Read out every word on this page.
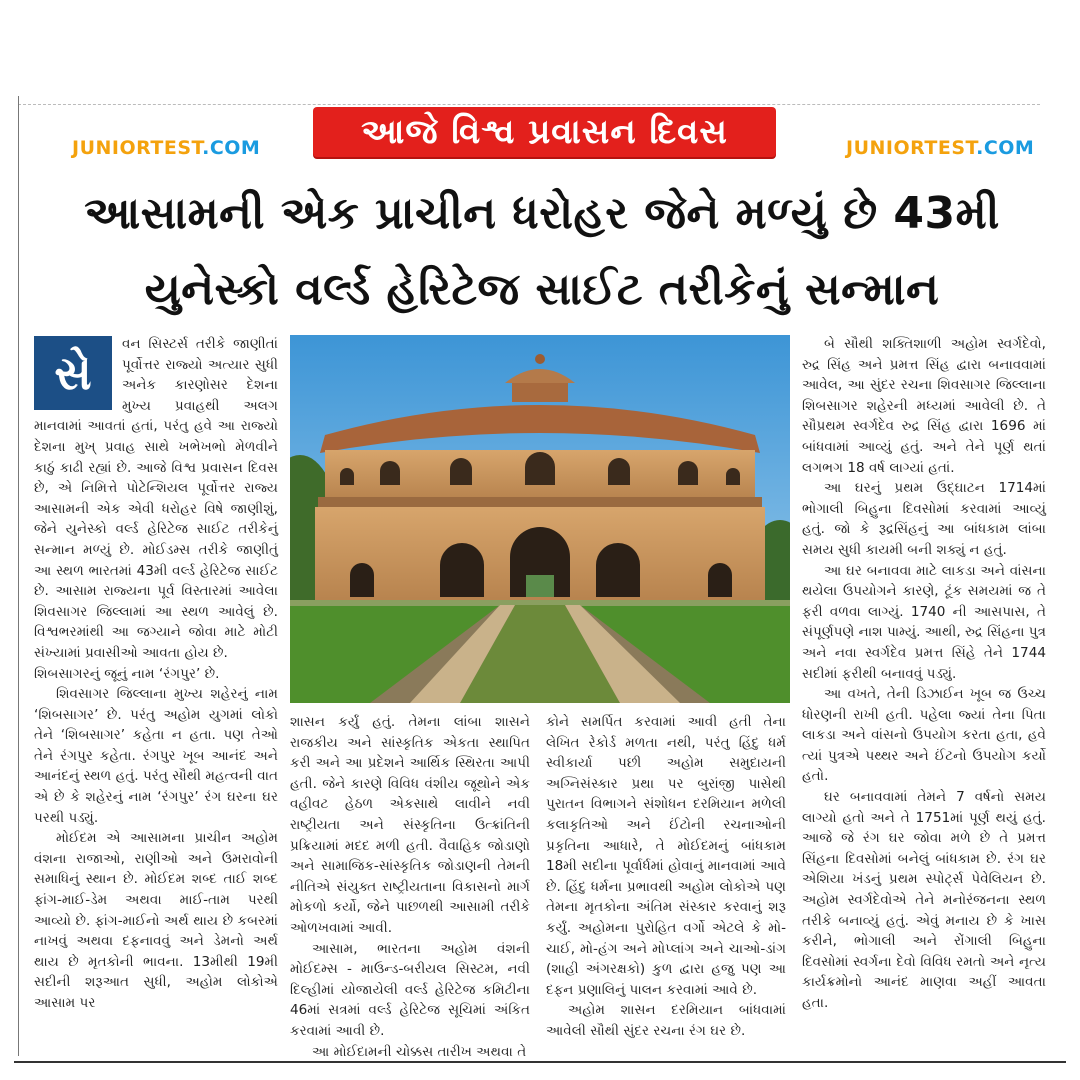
આજે વિશ્વ પ્રવાસન દિવસ
JUNIORTEST.COM	JUNIORTEST.COM
આસામની એક પ્રાચીન ધરોહર જેને મળ્યું છે 43મી
યુનેસ્કો વર્લ્ડ હેરિટેજ સાઈટ તરીકેનું સન્માન
સે

વન સિસ્ટર્સ તરીકે જાણીતાં પૂર્વોત્તર રાજ્યો અત્યાર સુધી અનેક કારણોસર દેશના મુખ્ય પ્રવાહથી અલગ માનવામાં આવતાં હતાં, પરંતુ હવે આ રાજ્યો દેશના મુખ્ પ્રવાહ સાથે ખભેખભો મેળવીને કાઠું કાઢી રહ્યાં છે. આજે વિશ્વ પ્રવાસન દિવસ છે, એ નિમિત્તે પોટેન્શિયલ પૂર્વોત્તર રાજ્ય આસામની એક એવી ધરોહર વિષે જાણીશું, જેને યુનેસ્કો વર્લ્ડ હેરિટેજ સાઈટ તરીકેનું સન્માન મળ્યું છે. મોઈડમ્સ તરીકે જાણીતું આ સ્થળ ભારતમાં 43મી વર્લ્ડ હેરિટેજ સાઈટ છે. આસામ રાજ્યના પૂર્વ વિસ્તારમાં આવેલા શિવસાગર જિલ્લામાં આ સ્થળ આવેલું છે. વિશ્વભરમાંથી આ જગ્યાને જોવા માટે મોટી સંખ્યામાં પ્રવાસીઓ આવતા હોય છે.

શિબસાગરનું જૂનું નામ ‘રંગપુર’ છે.

શિવસાગર જિલ્લાના મુખ્ય શહેરનું નામ ‘શિબસાગર’ છે. પરંતુ અહોમ યુગમાં લોકો તેને ‘શિબસાગર’ કહેતા ન હતા. પણ તેઓ તેને રંગપુર કહેતા. રંગપુર ખૂબ આનંદ અને આનંદનું સ્થળ હતું. પરંતુ સૌથી મહત્વની વાત એ છે કે શહેરનું નામ ‘રંગપુર’ રંગ ઘરના ઘર પરથી પડ્યું.

મોઈદમ એ આસામના પ્રાચીન અહોમ વંશના રાજાઓ, રાણીઓ અને ઉમરાવોની સમાધિનું સ્થાન છે. મોઈદમ શબ્દ તાઈ શબ્દ ફાંગ-માઈ-ડેમ અથવા માઈ-તામ પરથી આવ્યો છે. ફાંગ-માઈનો અર્થ થાય છે કબરમાં નાખવું અથવા દફનાવવું અને ડેમનો અર્થ થાય છે મૃતકોની ભાવના. 13મીથી 19મી સદીની શરૂઆત સુધી, અહોમ લોકોએ આસામ પર

શાસન કર્યું હતું. તેમના લાંબા શાસને રાજકીય અને સાંસ્કૃતિક એકતા સ્થાપિત કરી અને આ પ્રદેશને આર્થિક સ્થિરતા આપી હતી. જેને કારણે વિવિધ વંશીય જૂથોને એક વહીવટ હેઠળ એકસાથે લાવીને નવી રાષ્ટ્રીયતા અને સંસ્કૃતિના ઉત્ક્રાંતિની પ્રક્રિયામાં મદદ મળી હતી. વૈવાહિક જોડાણો અને સામાજિક-સાંસ્કૃતિક જોડાણની તેમની નીતિએ સંયુક્ત રાષ્ટ્રીયતાના વિકાસનો માર્ગ મોકળો કર્યો, જેને પાછળથી આસામી તરીકે ઓળખવામાં આવી.

આસામ, ભારતના અહોમ વંશની મોઈદમ્સ - માઉન્ડ-બરીયલ સિસ્ટમ, નવી દિલ્હીમાં યોજાયેલી વર્લ્ડ હેરિટેજ કમિટીના 46માં સત્રમાં વર્લ્ડ હેરિટેજ સૂચિમાં અંકિત કરવામાં આવી છે.

આ મોઈદામની ચોક્કસ તારીખ અથવા તે

કોને સમર્પિત કરવામાં આવી હતી તેના લેખિત રેકોર્ડ મળતા નથી, પરંતુ હિંદુ ધર્મ સ્વીકાર્યા પછી અહોમ સમુદાયની અગ્નિસંસ્કાર પ્રથા પર બુરાંજી પાસેથી પુરાતન વિભાગને સંશોધન દરમિયાન મળેલી કલાકૃતિઓ અને ઈંટોની રચનાઓની પ્રકૃતિના આધારે, તે મોઈદમનું બાંધકામ 18મી સદીના પૂર્વાર્ધમાં હોવાનું માનવામાં આવે છે. હિંદુ ધર્મના પ્રભાવથી અહોમ લોકોએ પણ તેમના મૃતકોના અંતિમ સંસ્કાર કરવાનું શરૂ કર્યું. અહોમના પુરોહિત વર્ગો એટલે કે મો-ચાઈ, મો-હંગ અને મોપ્લાંગ અને ચાઓ-ડાંગ (શાહી અંગરક્ષકો) કુળ દ્વારા હજુ પણ આ દફન પ્રણાલિનું પાલન કરવામાં આવે છે.

અહોમ શાસન દરમિયાન બાંધવામાં આવેલી સૌથી સુંદર રચના રંગ ઘર છે.

બે સૌથી શક્તિશાળી અહોમ સ્વર્ગદેવો, રુદ્ર સિંહ અને પ્રમત્ત સિંહ દ્વારા બનાવવામાં આવેલ, આ સુંદર રચના શિવસાગર જિલ્લાના શિબસાગર શહેરની મધ્યમાં આવેલી છે. તે સૌપ્રથમ સ્વર્ગદેવ રુદ્ર સિંહ દ્વારા 1696 માં બાંધવામાં આવ્યું હતું. અને તેને પૂર્ણ થતાં લગભગ 18 વર્ષ લાગ્યાં હતાં.

આ ઘરનું પ્રથમ ઉદ્ઘાટન 1714માં ભોગાલી બિહુના દિવસોમાં કરવામાં આવ્યું હતું. જો કે રૂદ્રસિંહનું આ બાંધકામ લાંબા સમય સુધી કાયમી બની શક્યું ન હતું.

આ ઘર બનાવવા માટે લાકડા અને વાંસના થયેલા ઉપયોગને કારણે, ટૂંક સમયમાં જ તે ફરી વળવા લાગ્યું. 1740 ની આસપાસ, તે સંપૂર્ણપણે નાશ પામ્યું. આથી, રુદ્ર સિંહના પુત્ર અને નવા સ્વર્ગદેવ પ્રમત્ત સિંહે તેને 1744 સદીમાં ફરીથી બનાવવું પડ્યું.

આ વખતે, તેની ડિઝાઈન ખૂબ જ ઉચ્ચ ધોરણની રાખી હતી. પહેલા જ્યાં તેના પિતા લાકડા અને વાંસનો ઉપયોગ કરતા હતા, હવે ત્યાં પુત્રએ પથ્થર અને ઈંટનો ઉપયોગ કર્યો હતો.

ઘર બનાવવામાં તેમને 7 વર્ષનો સમય લાગ્યો હતો અને તે 1751માં પૂર્ણ થયું હતું. આજે જે રંગ ઘર જોવા મળે છે તે પ્રમત્ત સિંહના દિવસોમાં બનેલું બાંધકામ છે. રંગ ઘર એશિયા ખંડનું પ્રથમ સ્પોર્ટ્સ પેવેલિયન છે. અહોમ સ્વર્ગદેવોએ તેને મનોરંજનના સ્થળ તરીકે બનાવ્યું હતું. એવું મનાય છે કે ખાસ કરીને, ભોગાલી અને રોંગાલી બિહુના દિવસોમાં સ્વર્ગના દેવો વિવિધ રમતો અને નૃત્ય કાર્યક્રમોનો આનંદ માણવા અહીં આવતા હતા.
